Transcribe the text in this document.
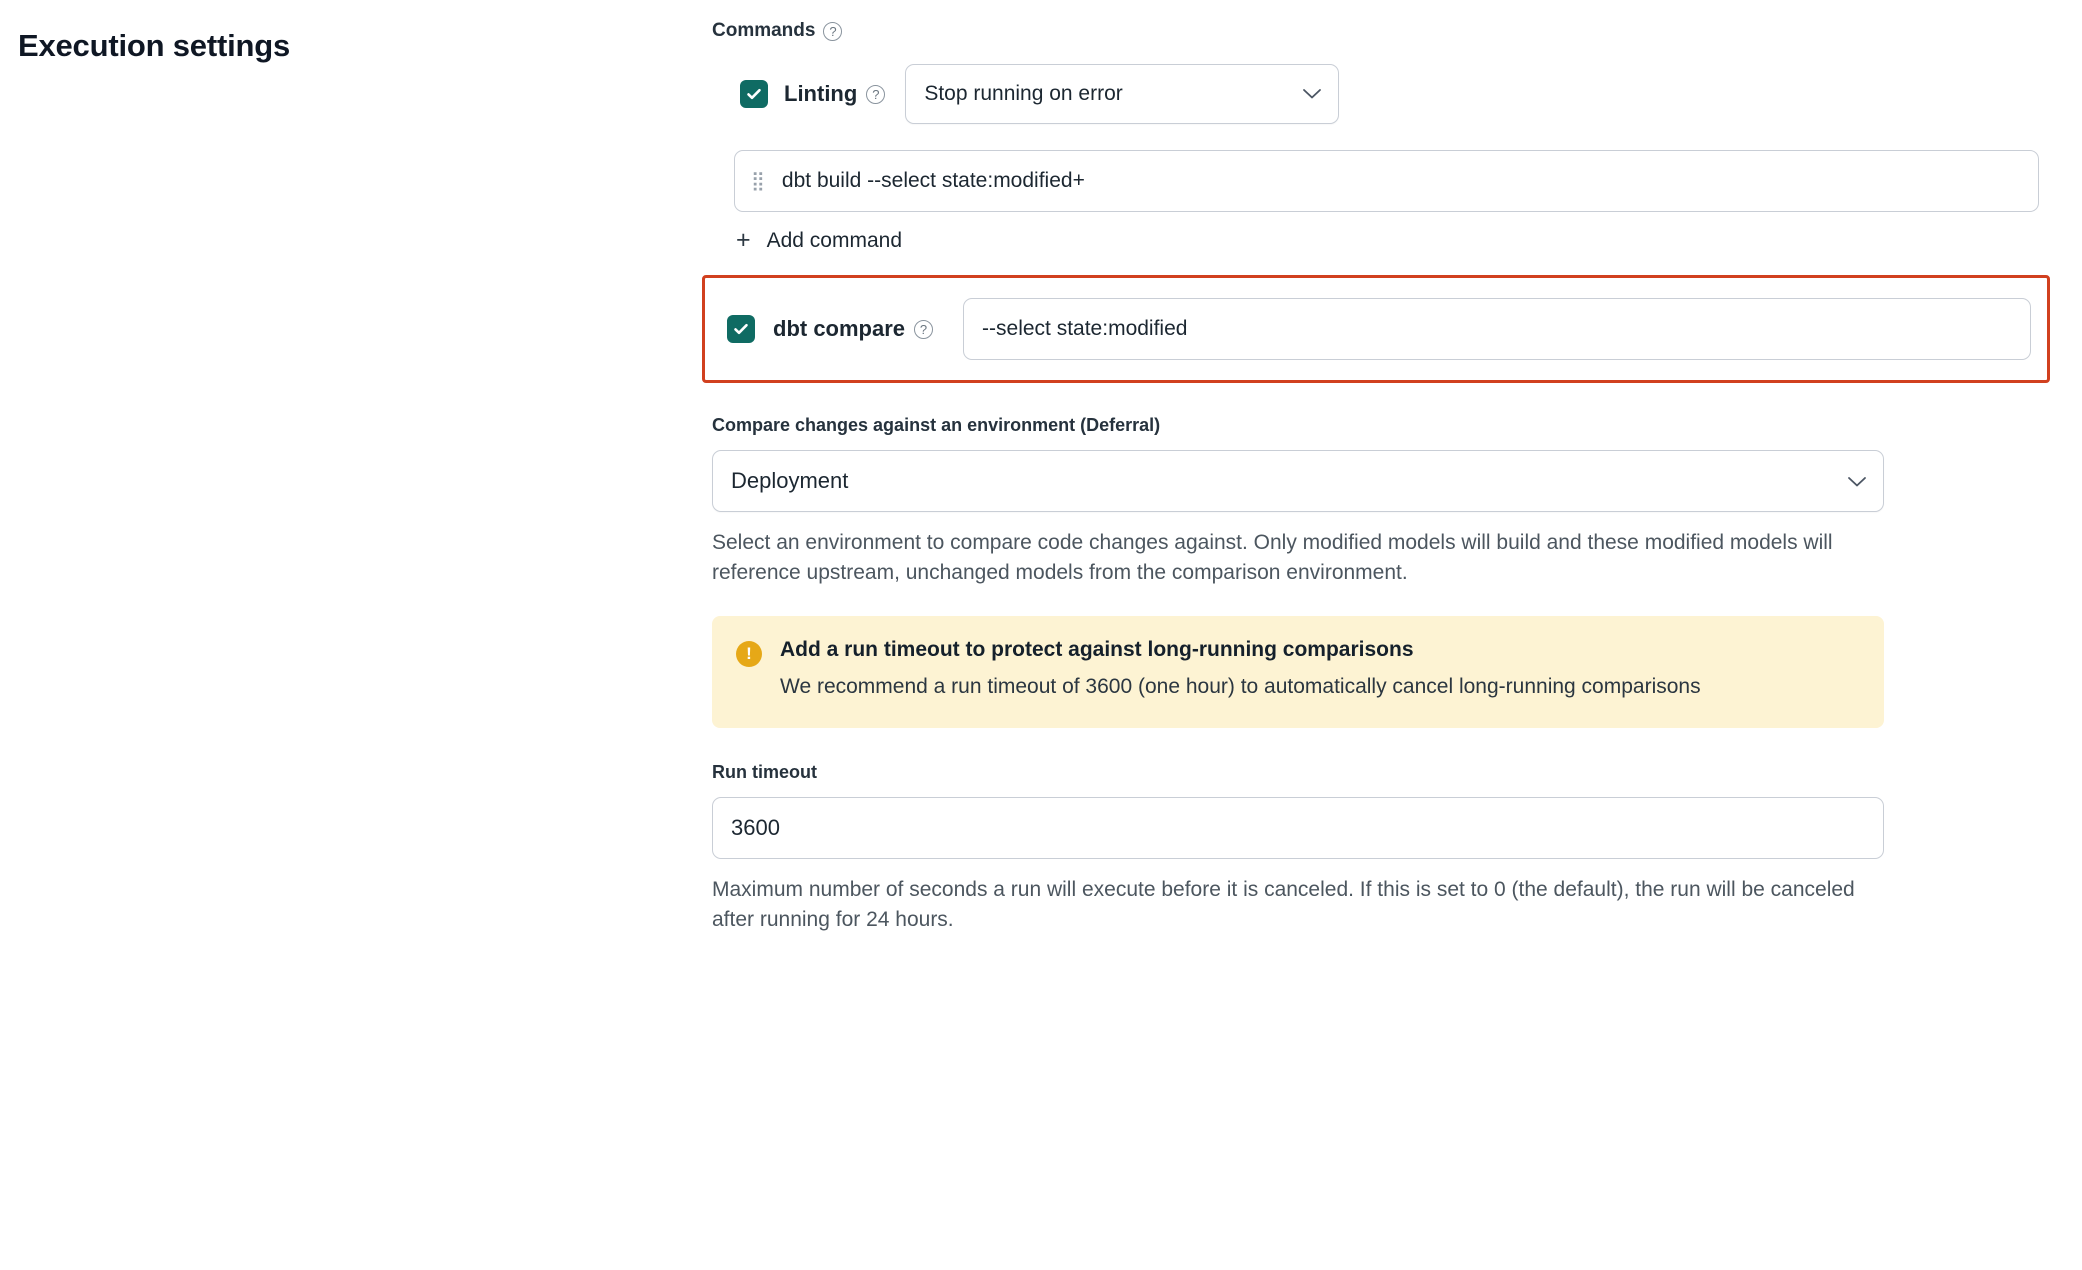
Execution settings	Commands	?
Linting	? Stop running on error
⣿ dbt build --select state:modified+
+ Add command
dbt compare	?	--select state:modified
Compare changes against an environment (Deferral)
Deployment
Select an environment to compare code changes against. Only modified models will build and these modified models will reference upstream, unchanged models from the comparison environment.
!	Add a run timeout to protect against long-running comparisons
We recommend a run timeout of 3600 (one hour) to automatically cancel long-running comparisons
Run timeout
3600
Maximum number of seconds a run will execute before it is canceled. If this is set to 0 (the default), the run will be canceled after running for 24 hours.
